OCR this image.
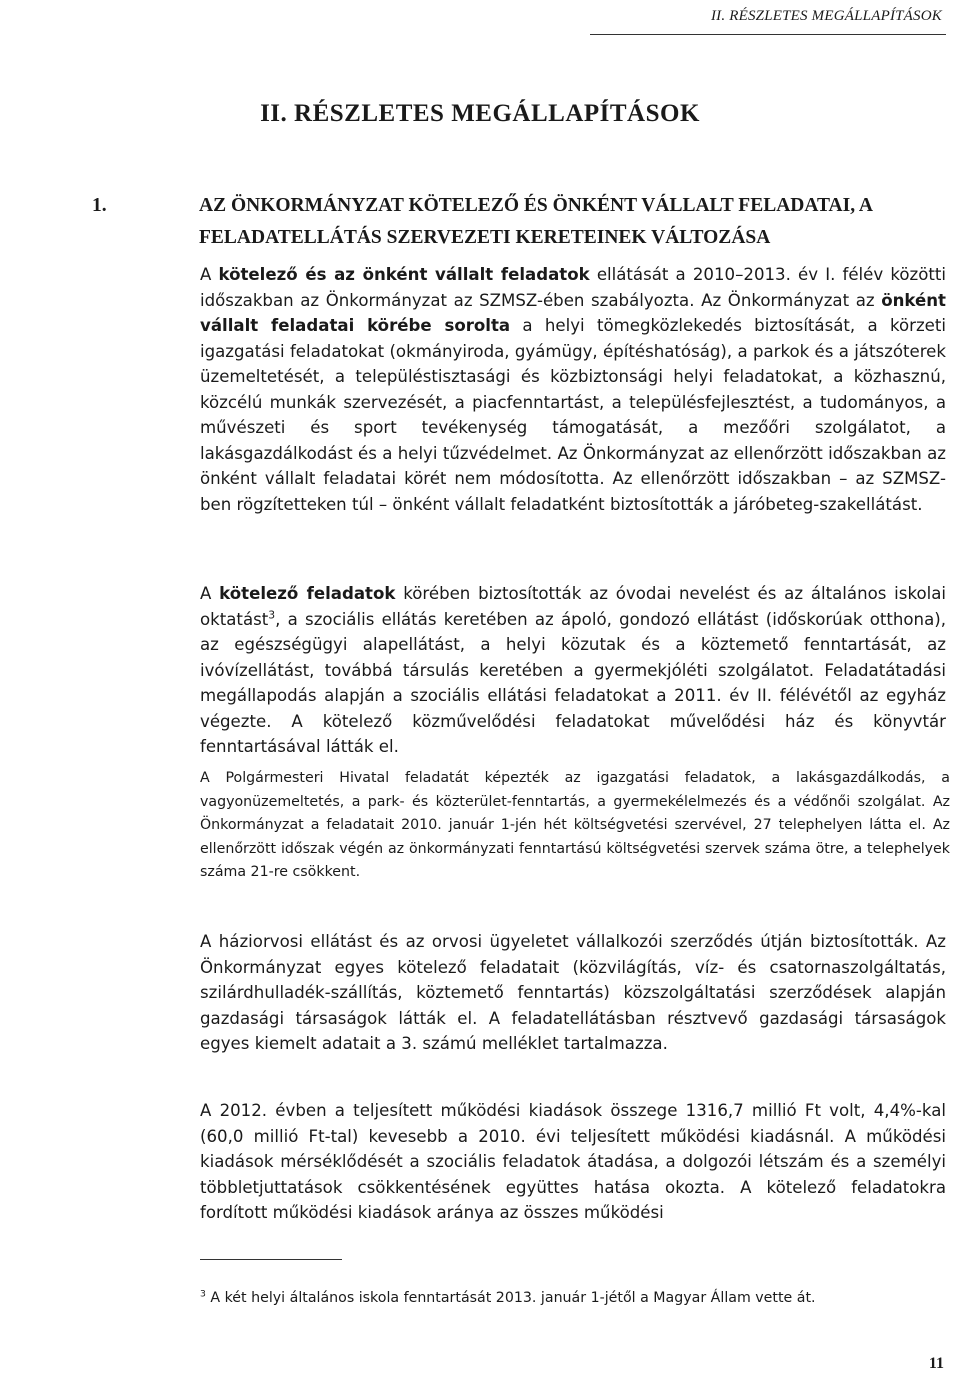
II. RÉSZLETES MEGÁLLAPÍTÁSOK
II. RÉSZLETES MEGÁLLAPÍTÁSOK
1.	AZ ÖNKORMÁNYZAT KÖTELEZŐ ÉS ÖNKÉNT VÁLLALT FELADATAI, A
FELADATELLÁTÁS SZERVEZETI KERETEINEK VÁLTOZÁSA

A kötelező és az önként vállalt feladatok ellátását a 2010–2013. év I. félév közötti időszakban az Önkormányzat az SZMSZ-ében szabályozta. Az Önkormányzat az önként vállalt feladatai körébe sorolta a helyi tömegközlekedés biztosítását, a körzeti igazgatási feladatokat (okmányiroda, gyámügy, építéshatóság), a parkok és a játszóterek üzemeltetését, a településtisztasági és közbiztonsági helyi feladatokat, a közhasznú, közcélú munkák szervezését, a piacfenntartást, a településfejlesztést, a tudományos, a művészeti és sport tevékenység támogatását, a mezőőri szolgálatot, a lakásgazdálkodást és a helyi tűzvédelmet. Az Önkormányzat az ellenőrzött időszakban az önként vállalt feladatai körét nem módosította. Az ellenőrzött időszakban – az SZMSZ-ben rögzítetteken túl – önként vállalt feladatként biztosították a járóbeteg-szakellátást.

A kötelező feladatok körében biztosították az óvodai nevelést és az általános iskolai oktatást$^3$, a szociális ellátás keretében az ápoló, gondozó ellátást (időskorúak otthona), az egészségügyi alapellátást, a helyi közutak és a köztemető fenntartását, az ivóvízellátást, továbbá társulás keretében a gyermekjóléti szolgálatot. Feladatátadási megállapodás alapján a szociális ellátási feladatokat a 2011. év II. félévétől az egyház végezte. A kötelező közművelődési feladatokat művelődési ház és könyvtár fenntartásával látták el.

A Polgármesteri Hivatal feladatát képezték az igazgatási feladatok, a lakásgazdálkodás, a vagyonüzemeltetés, a park- és közterület-fenntartás, a gyermekélelmezés és a védőnői szolgálat. Az Önkormányzat a feladatait 2010. január 1-jén hét költségvetési szervével, 27 telephelyen látta el. Az ellenőrzött időszak végén az önkormányzati fenntartású költségvetési szervek száma ötre, a telephelyek száma 21-re csökkent.

A háziorvosi ellátást és az orvosi ügyeletet vállalkozói szerződés útján biztosították. Az Önkormányzat egyes kötelező feladatait (közvilágítás, víz- és csatornaszolgáltatás, szilárdhulladék-szállítás, köztemető fenntartás) közszolgáltatási szerződések alapján gazdasági társaságok látták el. A feladatellátásban résztvevő gazdasági társaságok egyes kiemelt adatait a 3. számú melléklet tartalmazza.

A 2012. évben a teljesített működési kiadások összege 1316,7 millió Ft volt, 4,4%-kal (60,0 millió Ft-tal) kevesebb a 2010. évi teljesített működési kiadásnál. A működési kiadások mérséklődését a szociális feladatok átadása, a dolgozói létszám és a személyi többletjuttatások csökkentésének együttes hatása okozta. A kötelező feladatokra fordított működési kiadások aránya az összes működési

$^3$ A két helyi általános iskola fenntartását 2013. január 1-jétől a Magyar Állam vette át.

11
